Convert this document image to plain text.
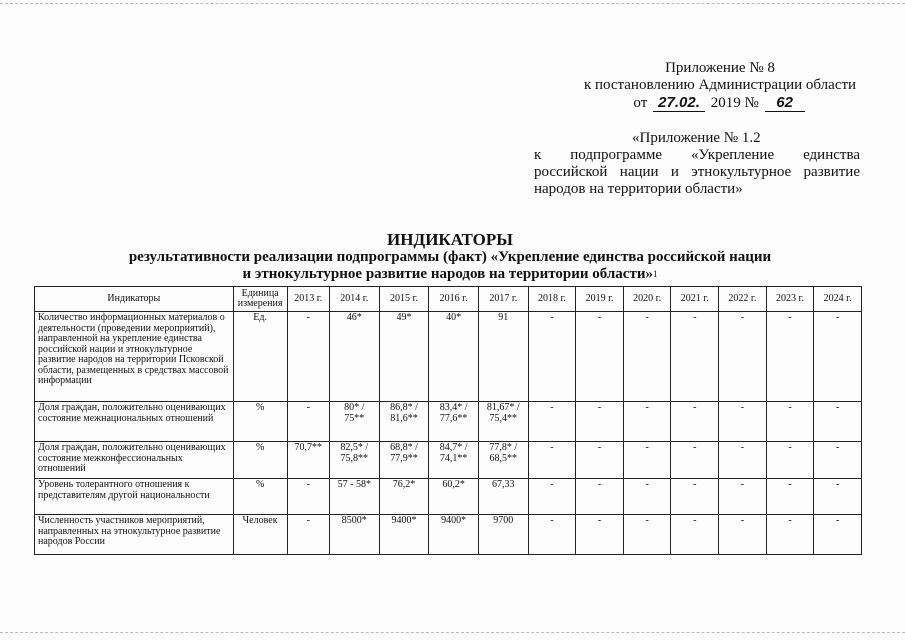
Приложение № 8
к постановлению Администрации области
от 27.02. 2019 № 62
«Приложение № 1.2
к подпрограмме «Укрепление единства
российской нации и этнокультурное развитие
народов на территории области»
ИНДИКАТОРЫ
результативности реализации подпрограммы (факт) «Укрепление единства российской нации
и этнокультурное развитие народов на территории области»$^1$
Индикаторы	Единица измерения	2013 г.	2014 г.	2015 г.	2016 г.	2017 г.	2018 г.	2019 г.	2020 г.	2021 г.	2022 г.	2023 г.	2024 г.
Количество информационных материалов о деятельности (проведении мероприятий), направленной на укрепление единства российской нации и этнокультурное развитие народов на территории Псковской области, размещенных в средствах массовой информации	Ед.	-	46*	49*	40*	91	-	-	-	-	-	-	-
Доля граждан, положительно оценивающих состояние межнациональных отношений	%	-	80* / 75**	86,8* / 81,6**	83,4* / 77,6**	81,67* / 75,4**	-	-	-	-	-	-	-
Доля граждан, положительно оценивающих состояние межконфессиональных отношений	%	70,7**	82,5* / 75,8**	68,8* / 77,9**	84,7* / 74,1**	77,8* / 68,5**	-	-	-	-	-	-	-
Уровень толерантного отношения к представителям другой национальности	%	-	57 - 58*	76,2*	60,2*	67,33	-	-	-	-	-	-	-
Численность участников мероприятий, направленных на этнокультурное развитие народов России	Человек	-	8500*	9400*	9400*	9700	-	-	-	-	-	-	-
